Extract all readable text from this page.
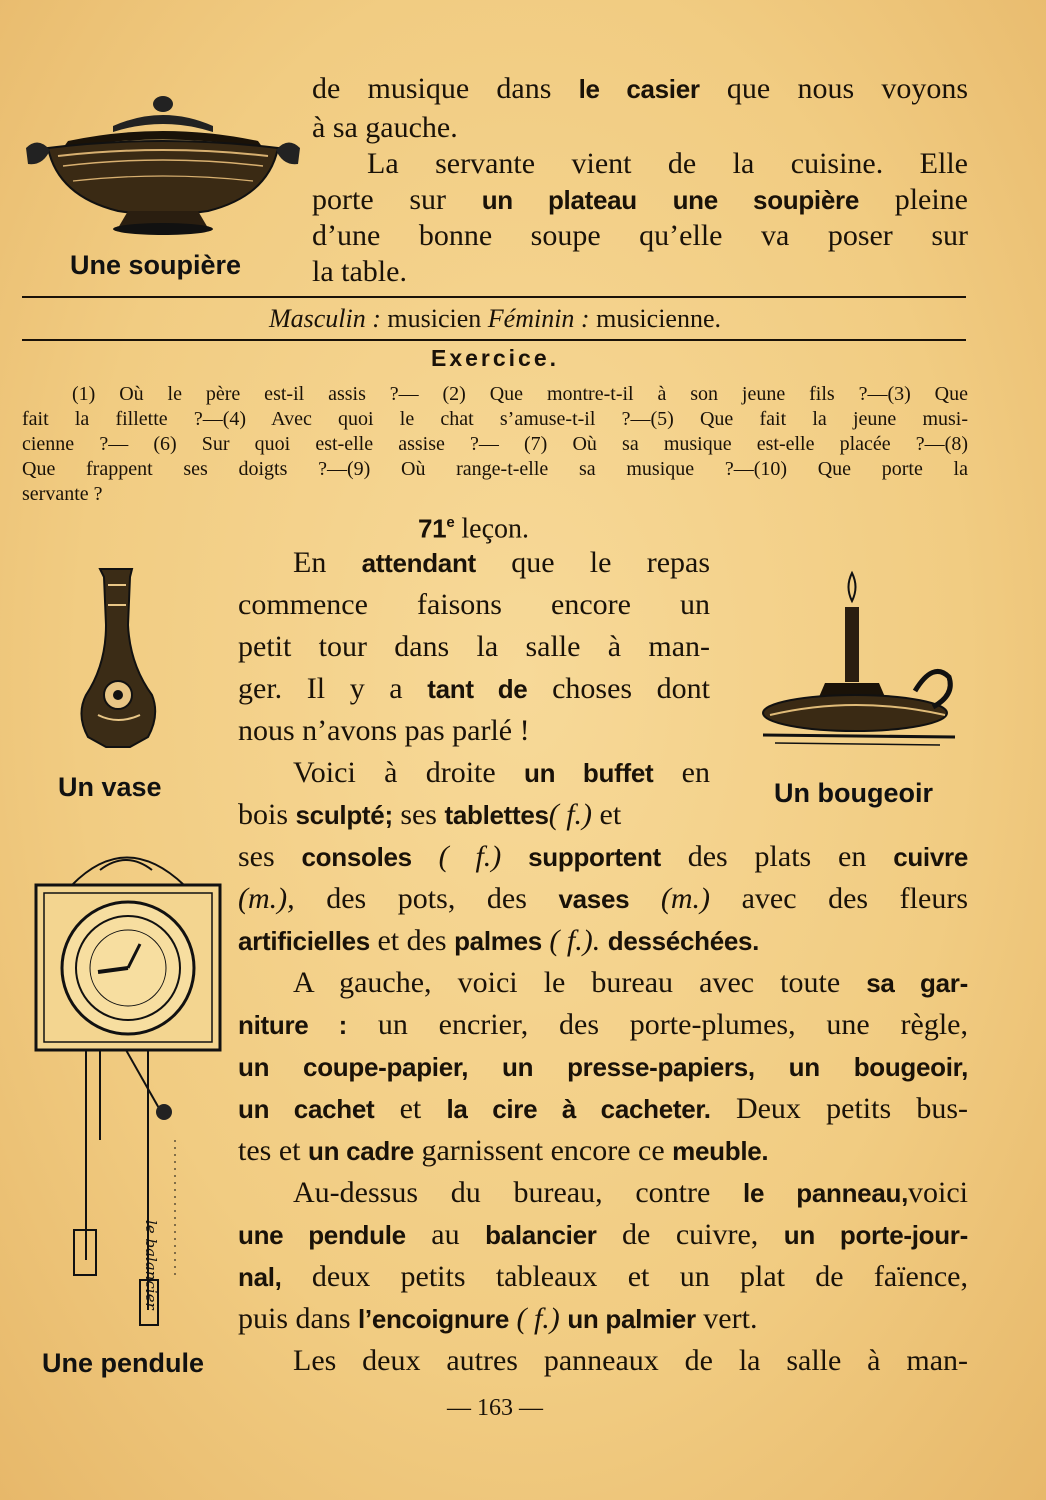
Une soupière
de musique dans le casier que nous voyons
à sa gauche.
La servante vient de la cuisine. Elle
porte sur un plateau une soupière pleine
d’une bonne soupe qu’elle va poser sur
la table.
Masculin : musicien Féminin : musicienne.
Exercice.
(1) Où le père est-il assis ?— (2) Que montre-t-il à son jeune fils ?—(3) Que
fait la fillette ?—(4) Avec quoi le chat s’amuse-t-il ?—(5) Que fait la jeune musi-
cienne ?— (6) Sur quoi est-elle assise ?— (7) Où sa musique est-elle placée ?—(8)
Que frappent ses doigts ?—(9) Où range-t-elle sa musique ?—(10) Que porte la
servante ?
71e leçon.
Un vase	Un bougeoir
le balancier
Une pendule
En attendant que le repas
commence faisons encore un
petit tour dans la salle à man-
ger. Il y a tant de choses dont
nous n’avons pas parlé !
Voici à droite un buffet en
bois sculpté; ses tablettes( f.) et
ses consoles ( f.) supportent des plats en cuivre
(m.), des pots, des vases (m.) avec des fleurs
artificielles et des palmes ( f.). desséchées.
A gauche, voici le bureau avec toute sa gar-
niture : un encrier, des porte-plumes, une règle,
un coupe-papier, un presse-papiers, un bougeoir,
un cachet et la cire à cacheter. Deux petits bus-
tes et un cadre garnissent encore ce meuble.
Au-dessus du bureau, contre le panneau,voici
une pendule au balancier de cuivre, un porte-jour-
nal, deux petits tableaux et un plat de faïence,
puis dans l’encoignure ( f.) un palmier vert.
Les deux autres panneaux de la salle à man-
— 163 —
